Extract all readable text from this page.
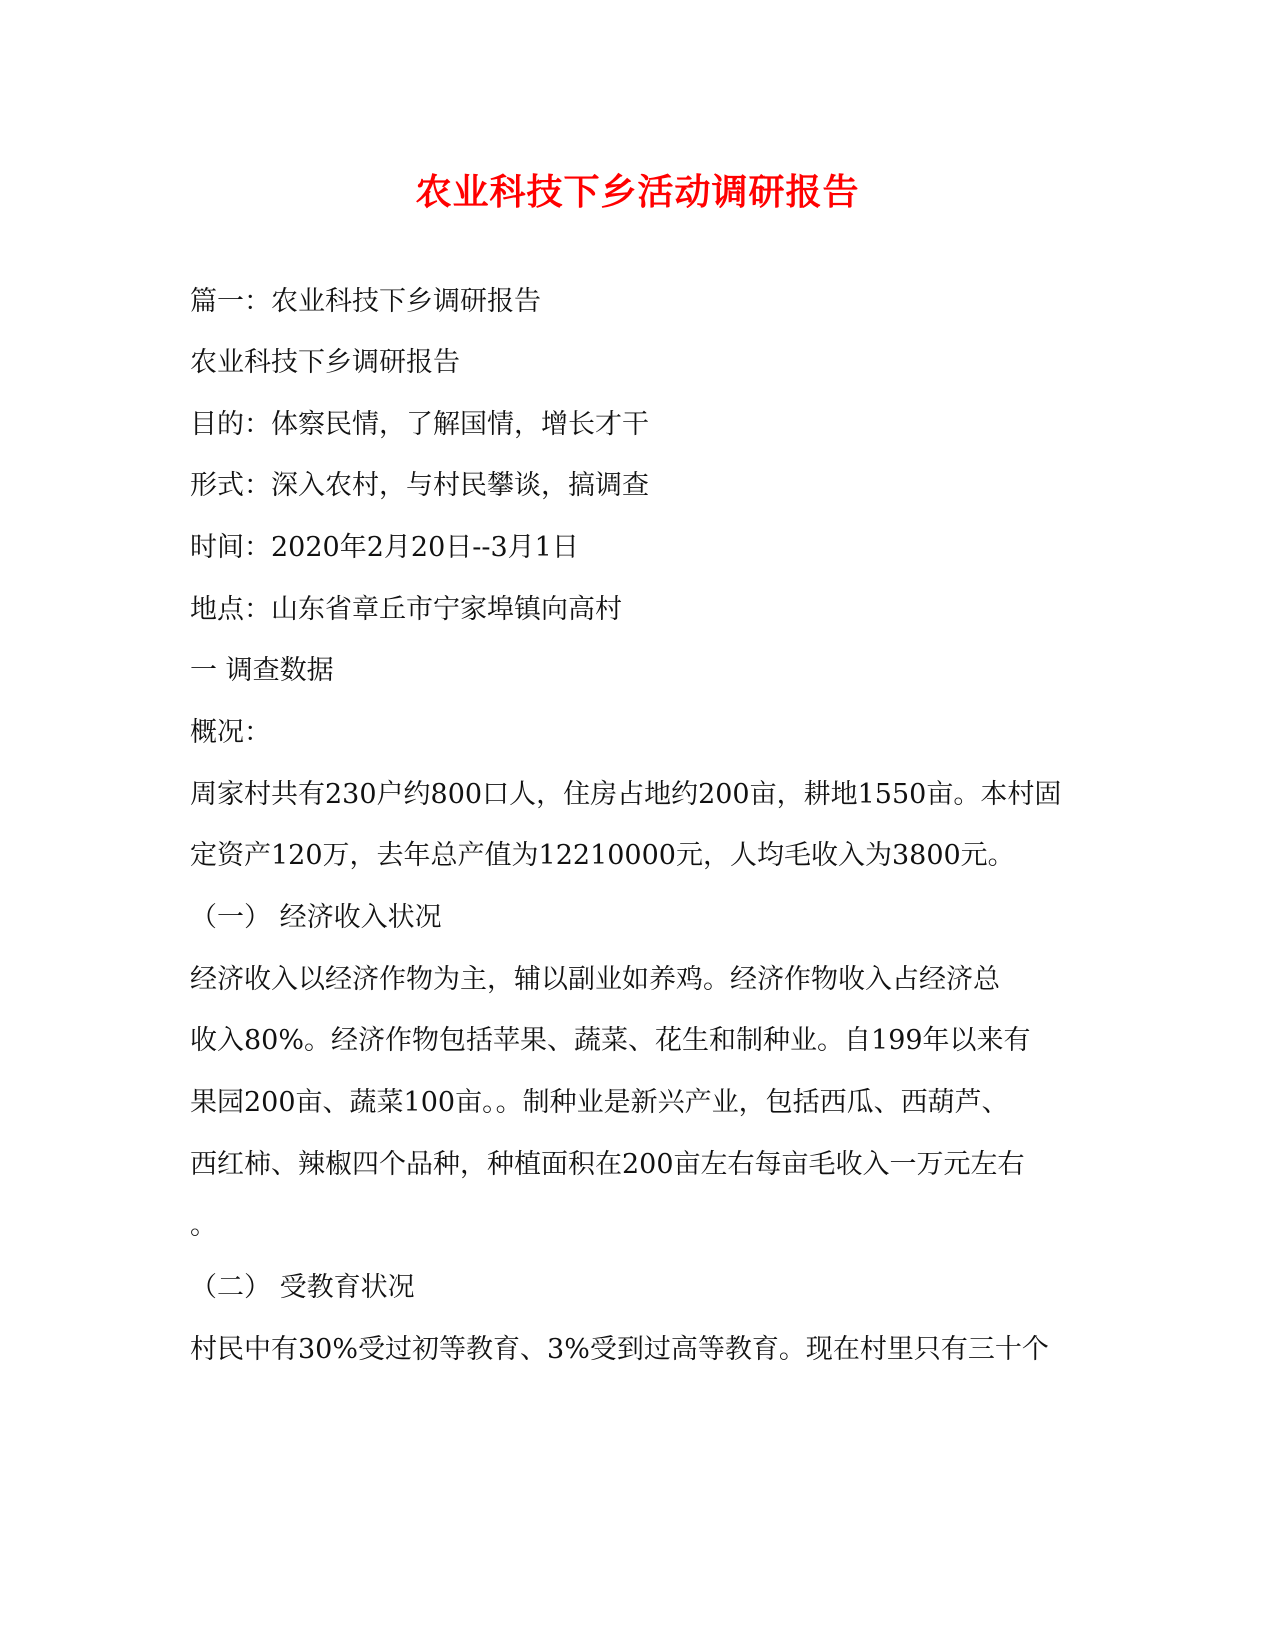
农业科技下乡活动调研报告

篇一：农业科技下乡调研报告

农业科技下乡调研报告

目的：体察民情，了解国情，增长才干

形式：深入农村，与村民攀谈，搞调查

时间：2020年2月20日--3月1日

地点：山东省章丘市宁家埠镇向高村

一 调查数据

概况：

周家村共有230户约800口人，住房占地约200亩，耕地1550亩。本村固

定资产120万，去年总产值为12210000元，人均毛收入为3800元。

（一） 经济收入状况

经济收入以经济作物为主，辅以副业如养鸡。经济作物收入占经济总

收入80%。经济作物包括苹果、蔬菜、花生和制种业。自199年以来有

果园200亩、蔬菜100亩。。制种业是新兴产业，包括西瓜、西葫芦、

西红柿、辣椒四个品种，种植面积在200亩左右每亩毛收入一万元左右

。

（二） 受教育状况

村民中有30%受过初等教育、3%受到过高等教育。现在村里只有三十个
